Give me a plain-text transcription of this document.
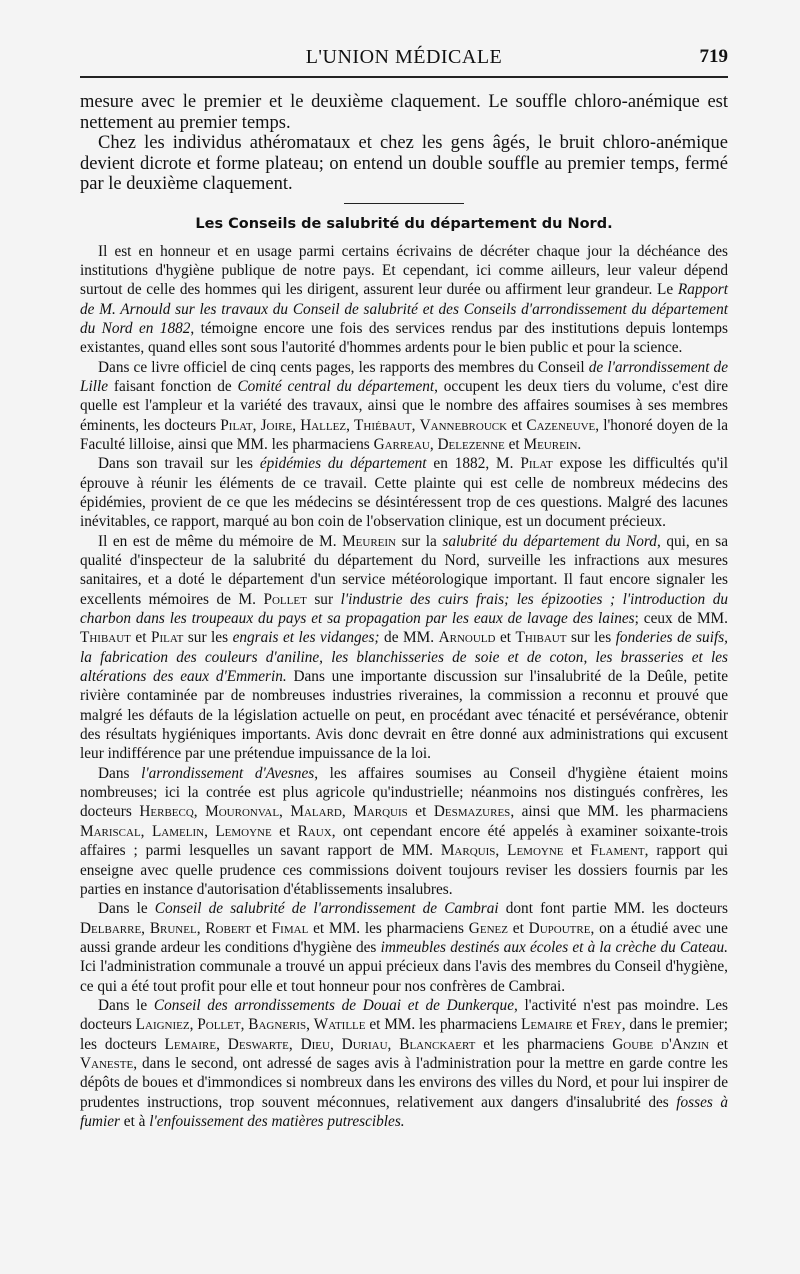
L'UNION MÉDICALE	719

mesure avec le premier et le deuxième claquement. Le souffle chloro-anémique est nettement au premier temps.

Chez les individus athéromataux et chez les gens âgés, le bruit chloro-anémique devient dicrote et forme plateau; on entend un double souffle au premier temps, fermé par le deuxième claquement.

Les Conseils de salubrité du département du Nord.

Il est en honneur et en usage parmi certains écrivains de décréter chaque jour la déchéance des institutions d'hygiène publique de notre pays. Et cependant, ici comme ailleurs, leur valeur dépend surtout de celle des hommes qui les dirigent, assurent leur durée ou affirment leur grandeur. Le Rapport de M. Arnould sur les travaux du Conseil de salubrité et des Conseils d'arrondissement du département du Nord en 1882, témoigne encore une fois des services rendus par des institutions depuis lontemps existantes, quand elles sont sous l'autorité d'hommes ardents pour le bien public et pour la science.

Dans ce livre officiel de cinq cents pages, les rapports des membres du Conseil de l'arrondissement de Lille faisant fonction de Comité central du département, occupent les deux tiers du volume, c'est dire quelle est l'ampleur et la variété des travaux, ainsi que le nombre des affaires soumises à ses membres éminents, les docteurs Pilat, Joire, Hallez, Thiébaut, Vannebrouck et Cazeneuve, l'honoré doyen de la Faculté lilloise, ainsi que MM. les pharmaciens Garreau, Delezenne et Meurein.

Dans son travail sur les épidémies du département en 1882, M. Pilat expose les difficultés qu'il éprouve à réunir les éléments de ce travail. Cette plainte qui est celle de nombreux médecins des épidémies, provient de ce que les médecins se désintéressent trop de ces questions. Malgré des lacunes inévitables, ce rapport, marqué au bon coin de l'observation clinique, est un document précieux.

Il en est de même du mémoire de M. Meurein sur la salubrité du département du Nord, qui, en sa qualité d'inspecteur de la salubrité du département du Nord, surveille les infractions aux mesures sanitaires, et a doté le département d'un service météorologique important. Il faut encore signaler les excellents mémoires de M. Pollet sur l'industrie des cuirs frais; les épizooties ; l'introduction du charbon dans les troupeaux du pays et sa propagation par les eaux de lavage des laines; ceux de MM. Thibaut et Pilat sur les engrais et les vidanges; de MM. Arnould et Thibaut sur les fonderies de suifs, la fabrication des couleurs d'aniline, les blanchisseries de soie et de coton, les brasseries et les altérations des eaux d'Emmerin. Dans une importante discussion sur l'insalubrité de la Deûle, petite rivière contaminée par de nombreuses industries riveraines, la commission a reconnu et prouvé que malgré les défauts de la législation actuelle on peut, en procédant avec ténacité et persévérance, obtenir des résultats hygiéniques importants. Avis donc devrait en être donné aux administrations qui excusent leur indifférence par une prétendue impuissance de la loi.

Dans l'arrondissement d'Avesnes, les affaires soumises au Conseil d'hygiène étaient moins nombreuses; ici la contrée est plus agricole qu'industrielle; néanmoins nos distingués confrères, les docteurs Herbecq, Mouronval, Malard, Marquis et Desmazures, ainsi que MM. les pharmaciens Mariscal, Lamelin, Lemoyne et Raux, ont cependant encore été appelés à examiner soixante-trois affaires ; parmi lesquelles un savant rapport de MM. Marquis, Lemoyne et Flament, rapport qui enseigne avec quelle prudence ces commissions doivent toujours reviser les dossiers fournis par les parties en instance d'autorisation d'établissements insalubres.

Dans le Conseil de salubrité de l'arrondissement de Cambrai dont font partie MM. les docteurs Delbarre, Brunel, Robert et Fimal et MM. les pharmaciens Genez et Dupoutre, on a étudié avec une aussi grande ardeur les conditions d'hygiène des immeubles destinés aux écoles et à la crèche du Cateau. Ici l'administration communale a trouvé un appui précieux dans l'avis des membres du Conseil d'hygiène, ce qui a été tout profit pour elle et tout honneur pour nos confrères de Cambrai.

Dans le Conseil des arrondissements de Douai et de Dunkerque, l'activité n'est pas moindre. Les docteurs Laigniez, Pollet, Bagneris, Watille et MM. les pharmaciens Lemaire et Frey, dans le premier; les docteurs Lemaire, Deswarte, Dieu, Duriau, Blanckaert et les pharmaciens Goube d'Anzin et Vaneste, dans le second, ont adressé de sages avis à l'administration pour la mettre en garde contre les dépôts de boues et d'immondices si nombreux dans les environs des villes du Nord, et pour lui inspirer de prudentes instructions, trop souvent méconnues, relativement aux dangers d'insalubrité des fosses à fumier et à l'enfouissement des matières putrescibles.
